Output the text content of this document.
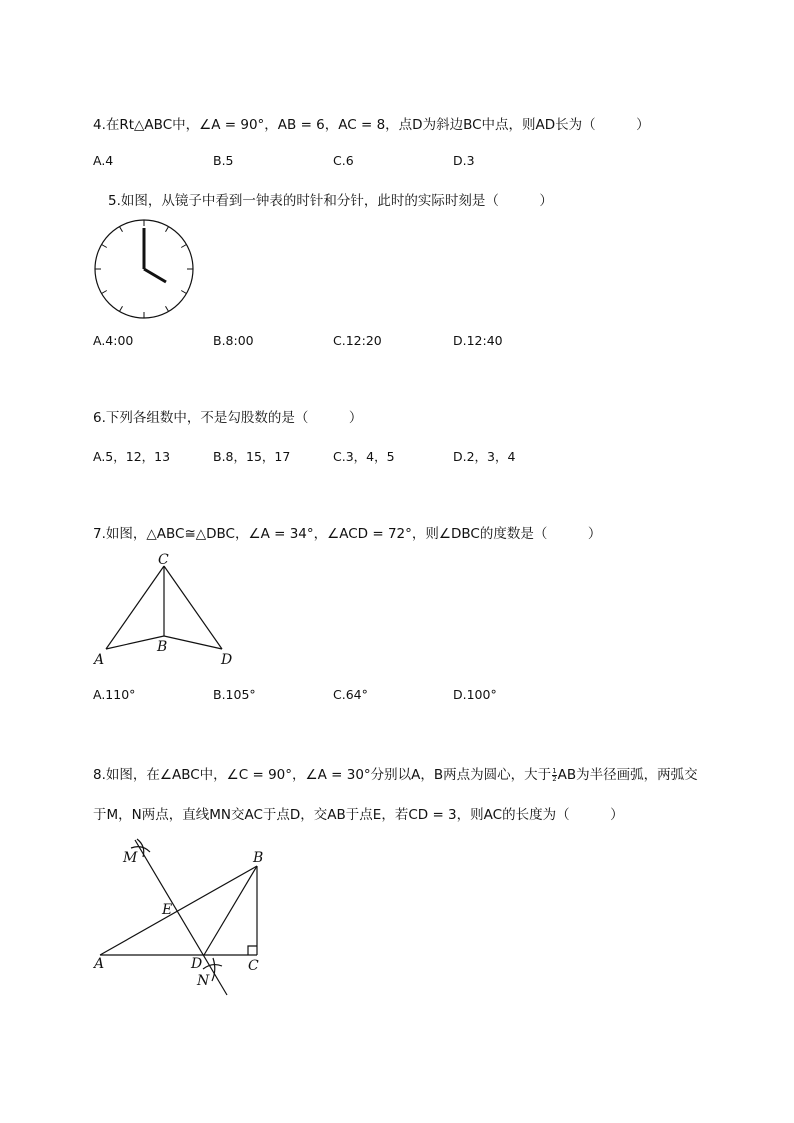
4.在Rt△ABC中，∠A = 90°，AB = 6，AC = 8，点D为斜边BC中点，则AD长为（　　　）
A.4	B.5	C.6	D.3
5.如图，从镜子中看到一钟表的时针和分针，此时的实际时刻是（　　　）
A.4:00	B.8:00	C.12:20	D.12:40
6.下列各组数中，不是勾股数的是（　　　）
A.5，12，13	B.8，15，17	C.3，4，5	D.2，3，4
7.如图，△ABC≅△DBC，∠A = 34°，∠ACD = 72°，则∠DBC的度数是（　　　）
C
A
B
D
A.110°	B.105°	C.64°	D.100°
8.如图，在∠ABC中，∠C = 90°，∠A = 30°分别以A，B两点为圆心，大于 $\frac{1}{2}$ AB为半径画弧，两弧交
于M，N两点，直线MN交AC于点D，交AB于点E，若CD = 3，则AC的长度为（　　　）
M	B
E
A	D	C
N
